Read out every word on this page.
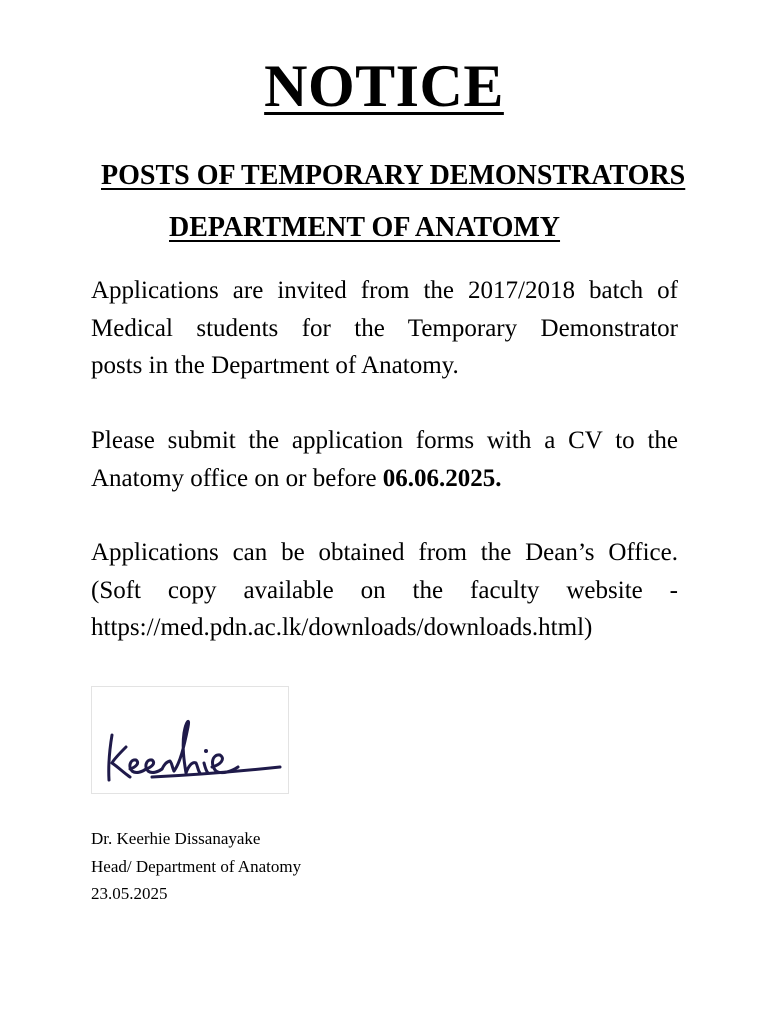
NOTICE
POSTS OF TEMPORARY DEMONSTRATORS
DEPARTMENT OF ANATOMY
Applications are invited from the 2017/2018 batch of
Medical students for the Temporary Demonstrator
posts in the Department of Anatomy.
Please submit the application forms with a CV to the
Anatomy office on or before 06.06.2025.
Applications can be obtained from the Dean’s Office.
(Soft copy available on the faculty website -
https://med.pdn.ac.lk/downloads/downloads.html)
Dr. Keerhie Dissanayake
Head/ Department of Anatomy
23.05.2025
